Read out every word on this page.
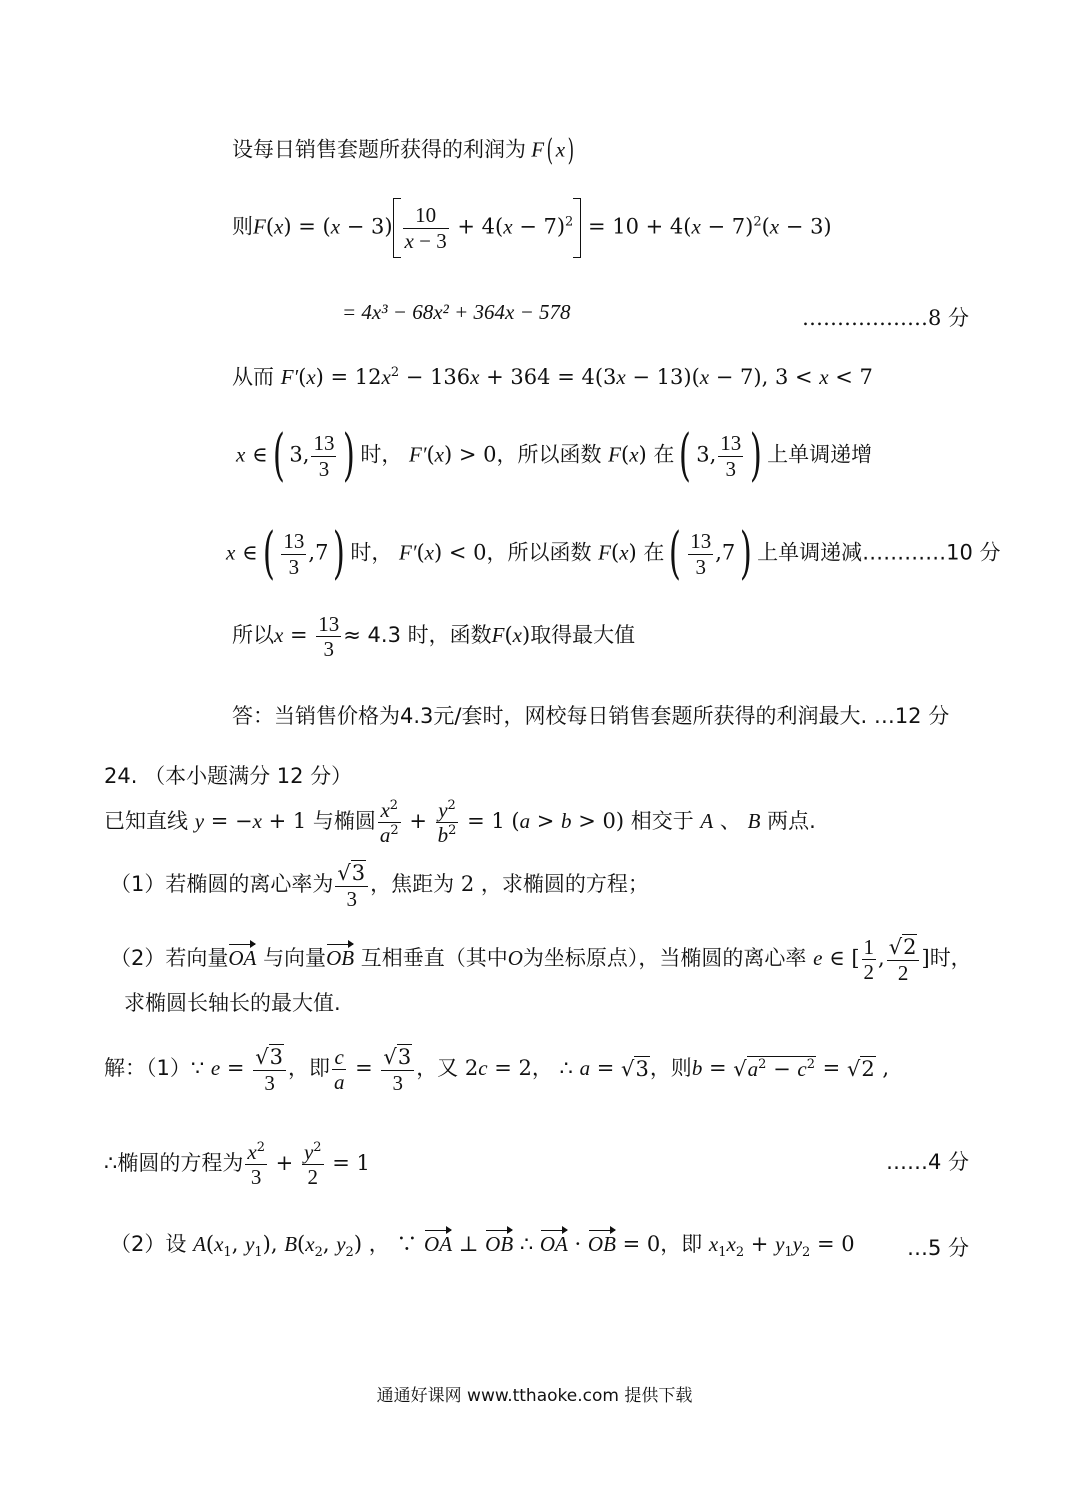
设每日销售套题所获得的利润为 F( x)
则$F(x) = (x - 3) \frac{10}{x - 3} + 4(x - 7)^2 = 10 + 4(x - 7)^2(x - 3)$
= 4x³ − 68x² + 364x − 578	………………8 分
从而 $F'(x) = 12x^2 - 136x + 364 = 4(3x - 13)(x - 7)$, 3 < x < 7
x ∈( 3, $\frac{13}{3}$ ) 时， F′(x) > 0，所以函数 F(x) 在( 3, $\frac{13}{3}$ ) 上单调递增
x ∈( $\frac{13}{3} ,7$) 时， F′(x) < 0，所以函数 F(x) 在( $\frac{13}{3} ,7$) 上单调递减…………10 分
所以$x = \frac{13}{3} \approx 4.3$ 时，函数F(x)取得最大值
答：当销售价格为4.3元/套时，网校每日销售套题所获得的利润最大. …12 分
24. （本小题满分 12 分）
已知直线 y = −x + 1 与椭圆 $\frac{x^2}{a^2} + \frac{y^2}{b^2} = 1$ (a > b > 0) 相交于 A 、 B 两点.
（1）若椭圆的离心率为 $\frac{√3}{3}$ ，焦距为 2 ，求椭圆的方程；
（2）若向量OA 与向量OB 互相垂直（其中O为坐标原点），当椭圆的离心率 e ∈ [ $\frac{1}{2}$ , $\frac{√2}{2}$ ]时，
求椭圆长轴长的最大值.
解：（1）∵ $e = \frac{√3}{3}$ ，即 $\frac{c}{a} = \frac{√3}{3}$ ，又 2c = 2， ∴ a = √3，则$b = √a^2 - c^2 = √2$ ,
∴椭圆的方程为 $\frac{x^2}{3} + \frac{y^2}{2} = 1$	……4 分
（2）设 $A(x_1$, $y_1$), $B(x_2$, $y_2$) ， ∵ OA ⊥ OB ∴ OA · OB = 0，即 $x_1x_2 + y_1y_2 = 0$ …5 分
通通好课网 www.tthaoke.com 提供下载
